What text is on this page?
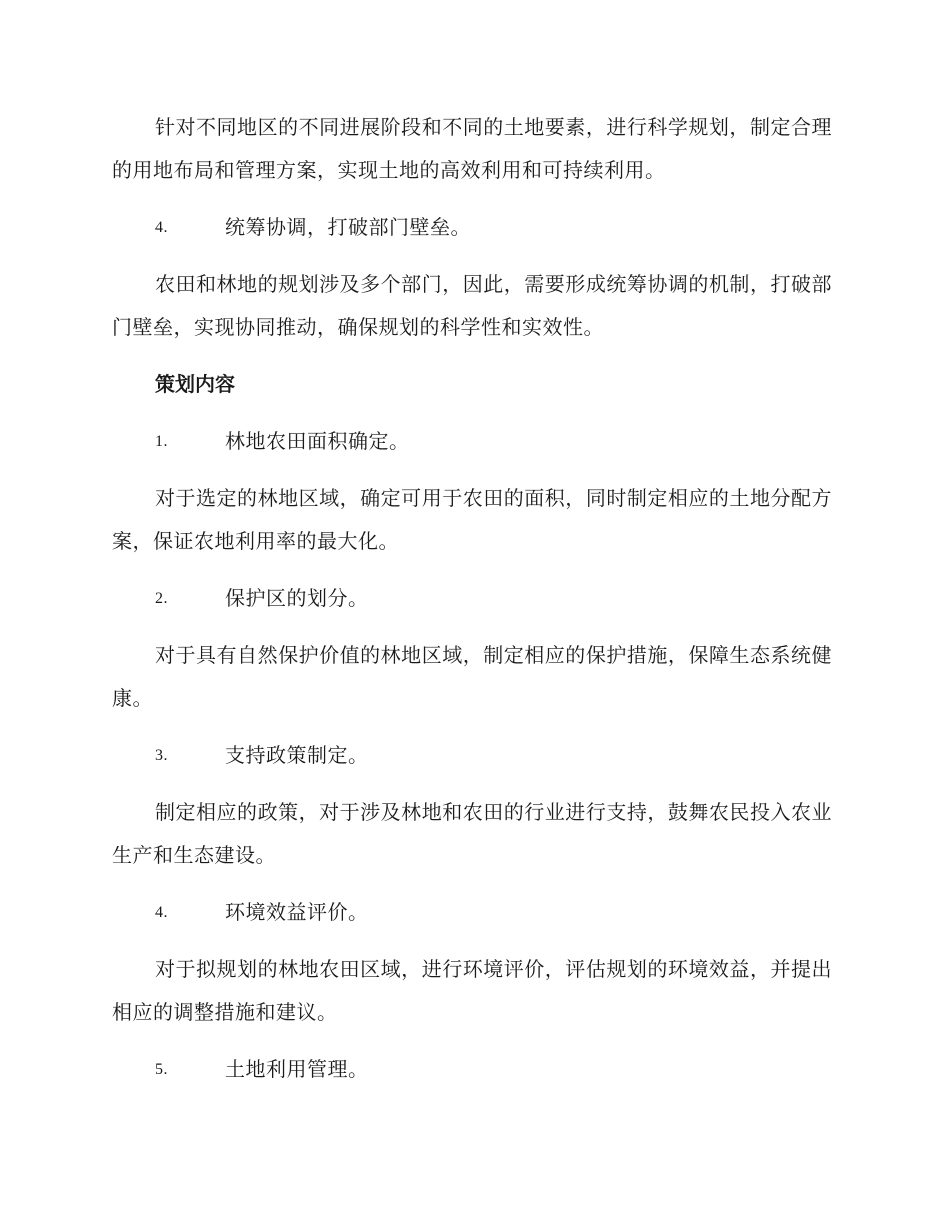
针对不同地区的不同进展阶段和不同的土地要素，进行科学规划，制定合理的用地布局和管理方案，实现土地的高效利用和可持续利用。

4.	统筹协调，打破部门壁垒。

农田和林地的规划涉及多个部门，因此，需要形成统筹协调的机制，打破部门壁垒，实现协同推动，确保规划的科学性和实效性。

策划内容
1.	林地农田面积确定。

对于选定的林地区域，确定可用于农田的面积，同时制定相应的土地分配方案，保证农地利用率的最大化。

2.	保护区的划分。

对于具有自然保护价值的林地区域，制定相应的保护措施，保障生态系统健康。

3.	支持政策制定。

制定相应的政策，对于涉及林地和农田的行业进行支持，鼓舞农民投入农业生产和生态建设。

4.	环境效益评价。

对于拟规划的林地农田区域，进行环境评价，评估规划的环境效益，并提出相应的调整措施和建议。

5.	土地利用管理。
